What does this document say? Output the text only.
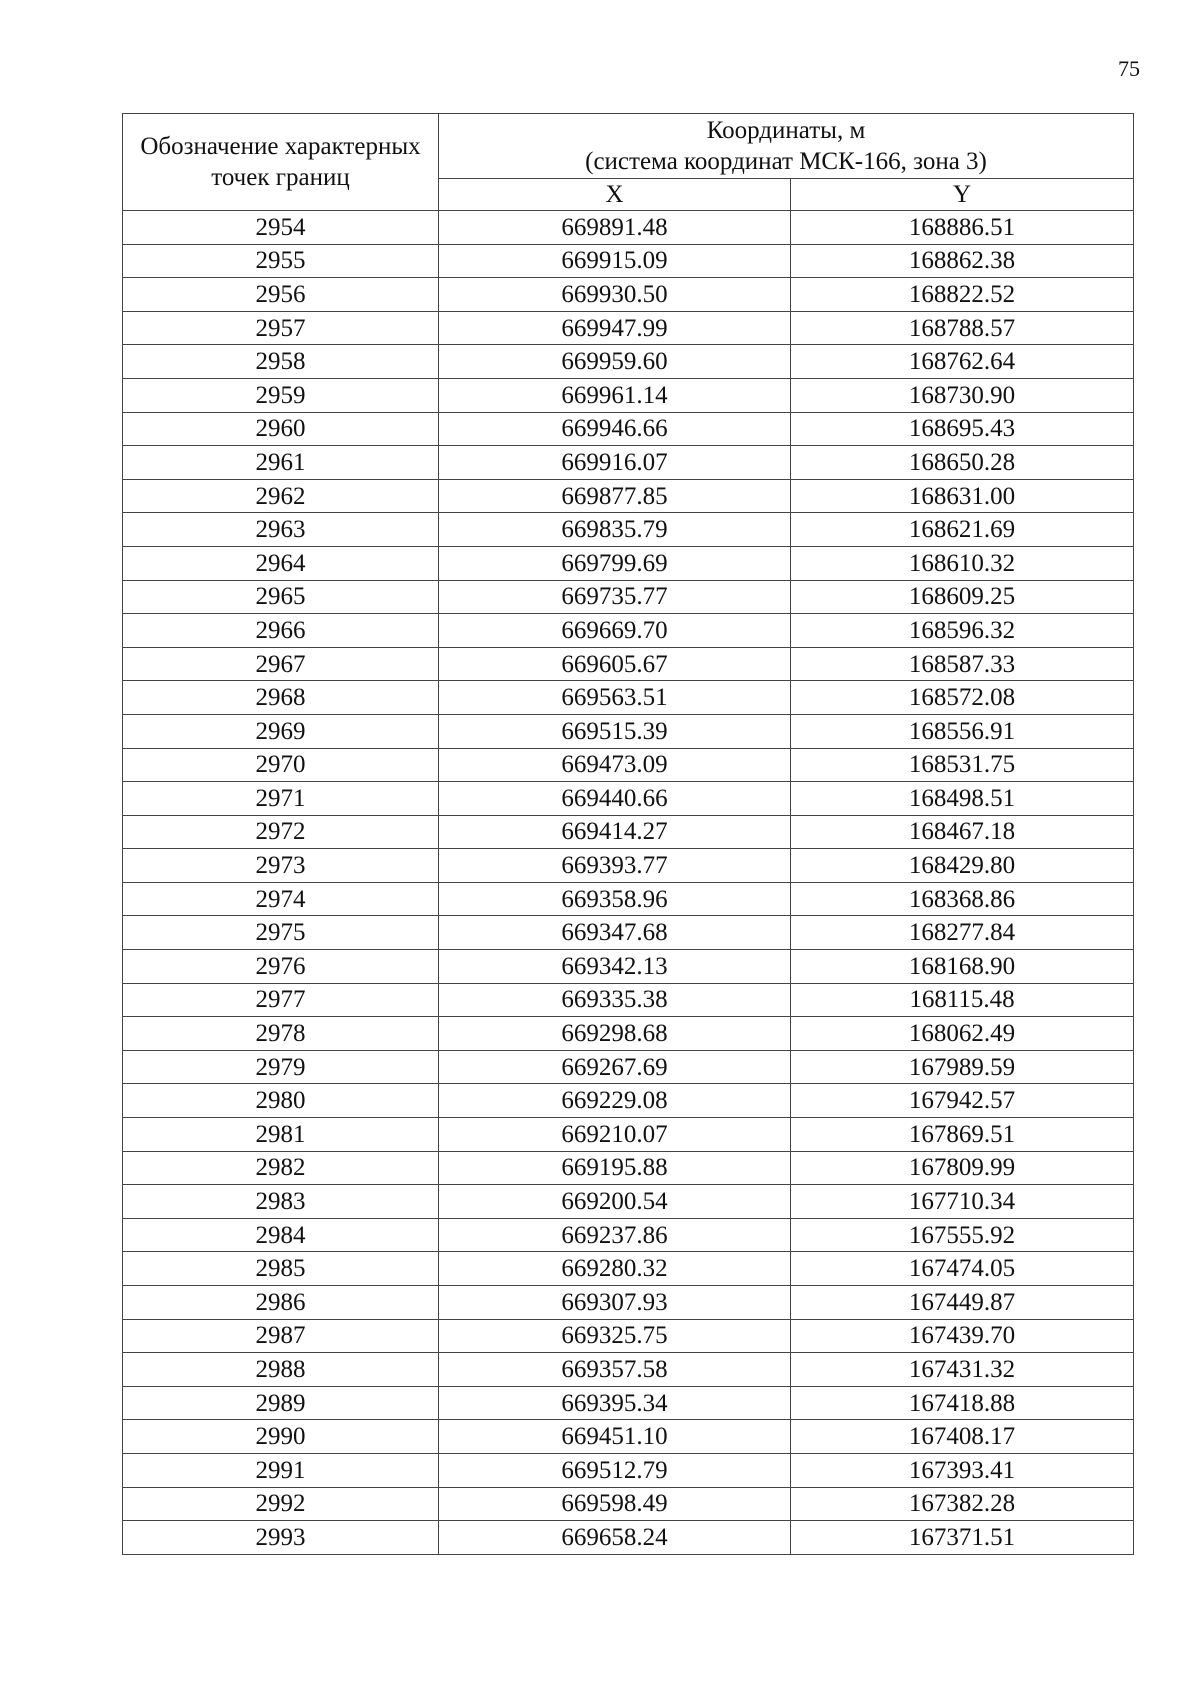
75
Обозначение характерных точек границ	Координаты, м
(система координат МСК-166, зона 3)	

	X	Y
2954	669891.48	168886.51
2955	669915.09	168862.38
2956	669930.50	168822.52
2957	669947.99	168788.57
2958	669959.60	168762.64
2959	669961.14	168730.90
2960	669946.66	168695.43
2961	669916.07	168650.28
2962	669877.85	168631.00
2963	669835.79	168621.69
2964	669799.69	168610.32
2965	669735.77	168609.25
2966	669669.70	168596.32
2967	669605.67	168587.33
2968	669563.51	168572.08
2969	669515.39	168556.91
2970	669473.09	168531.75
2971	669440.66	168498.51
2972	669414.27	168467.18
2973	669393.77	168429.80
2974	669358.96	168368.86
2975	669347.68	168277.84
2976	669342.13	168168.90
2977	669335.38	168115.48
2978	669298.68	168062.49
2979	669267.69	167989.59
2980	669229.08	167942.57
2981	669210.07	167869.51
2982	669195.88	167809.99
2983	669200.54	167710.34
2984	669237.86	167555.92
2985	669280.32	167474.05
2986	669307.93	167449.87
2987	669325.75	167439.70
2988	669357.58	167431.32
2989	669395.34	167418.88
2990	669451.10	167408.17
2991	669512.79	167393.41
2992	669598.49	167382.28
2993	669658.24	167371.51
